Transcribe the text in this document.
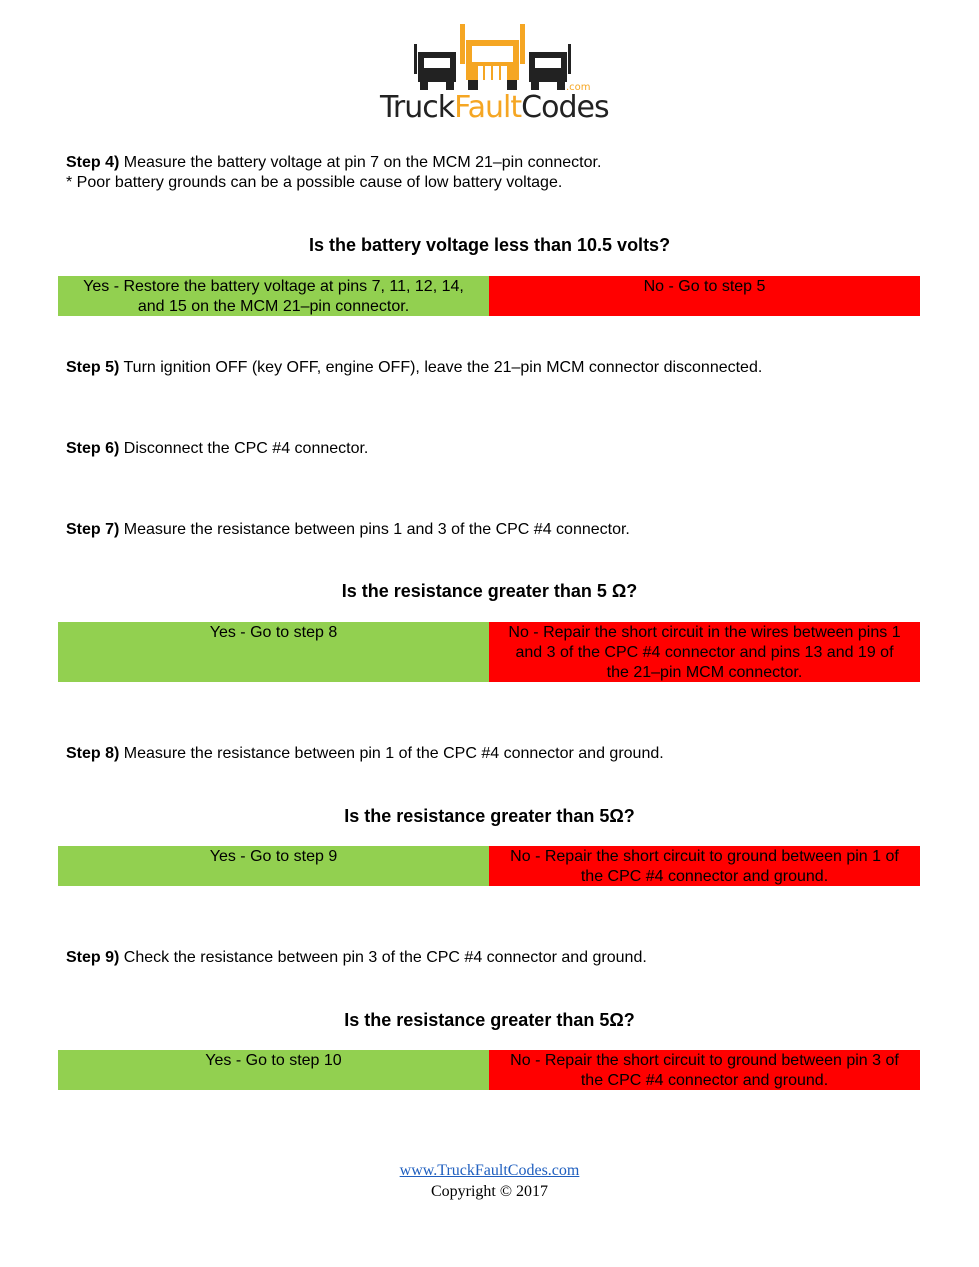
.com
TruckFaultCodes
Step 4) Measure the battery voltage at pin 7 on the MCM 21–pin connector.
* Poor battery grounds can be a possible cause of low battery voltage.
Is the battery voltage less than 10.5 volts?
Yes - Restore the battery voltage at pins 7, 11, 12, 14, and 15 on the MCM 21–pin connector.
No - Go to step 5
Step 5) Turn ignition OFF (key OFF, engine OFF), leave the 21–pin MCM connector disconnected.
Step 6) Disconnect the CPC #4 connector.
Step 7) Measure the resistance between pins 1 and 3 of the CPC #4 connector.
Is the resistance greater than 5 Ω?
Yes - Go to step 8	No - Repair the short circuit in the wires between pins 1 and 3 of the CPC #4 connector and pins 13 and 19 of the 21–pin MCM connector.
Step 8) Measure the resistance between pin 1 of the CPC #4 connector and ground.
Is the resistance greater than 5Ω?
Yes - Go to step 9	No - Repair the short circuit to ground between pin 1 of the CPC #4 connector and ground.
Step 9) Check the resistance between pin 3 of the CPC #4 connector and ground.
Is the resistance greater than 5Ω?
Yes - Go to step 10	No - Repair the short circuit to ground between pin 3 of the CPC #4 connector and ground.
www.TruckFaultCodes.com
Copyright © 2017
